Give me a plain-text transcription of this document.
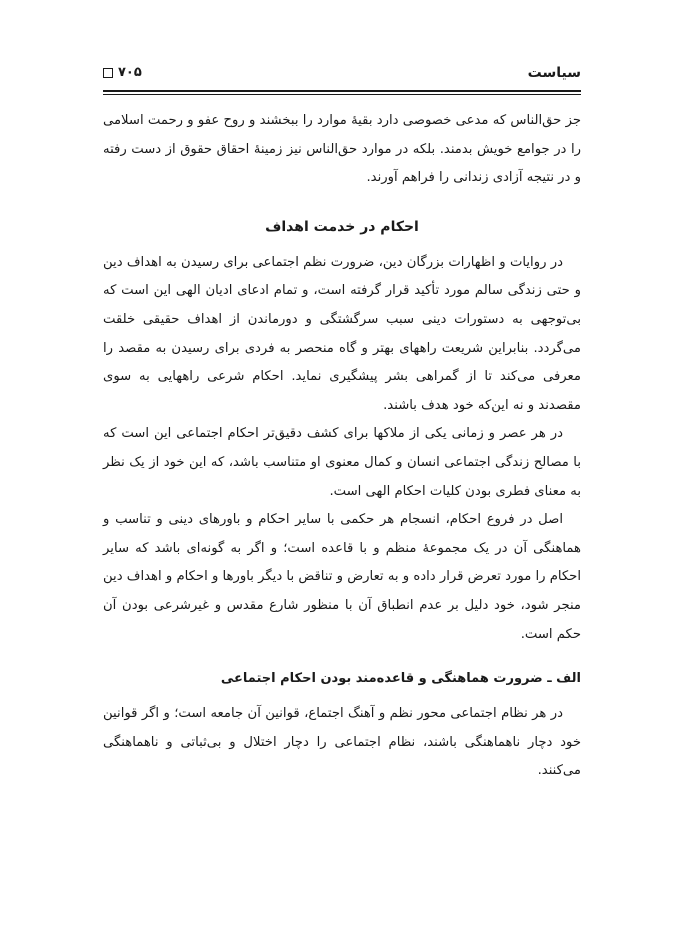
سیاست
۷۰۵

جز حق‌الناس که مدعی خصوصی دارد بقیهٔ موارد را ببخشند و روح عفو و رحمت اسلامی را در جوامع خویش بدمند. بلکه در موارد حق‌الناس نیز زمینهٔ احقاق حقوق از دست رفته و در نتیجه آزادی زندانی را فراهم آورند.

احکام در خدمت اهداف

در روایات و اظهارات بزرگان دین، ضرورت نظم اجتماعی برای رسیدن به اهداف دین و حتی زندگی سالم مورد تأکید قرار گرفته است، و تمام ادعای ادیان الهی این است که بی‌توجهی به دستورات دینی سبب سرگشتگی و دورماندن از اهداف حقیقی خلقت می‌گردد. بنابراین شریعت راههای بهتر و گاه منحصر به فردی برای رسیدن به مقصد را معرفی می‌کند تا از گمراهی بشر پیشگیری نماید. احکام شرعی راههایی به سوی مقصدند و نه این‌که خود هدف باشند.

در هر عصر و زمانی یکی از ملاکها برای کشف دقیق‌تر احکام اجتماعی این است که با مصالح زندگی اجتماعی انسان و کمال معنوی او متناسب باشد، که این خود از یک نظر به معنای فطری بودن کلیات احکام الهی است.

اصل در فروع احکام، انسجام هر حکمی با سایر احکام و باورهای دینی و تناسب و هماهنگی آن در یک مجموعهٔ منظم و با قاعده است؛ و اگر به گونه‌ای باشد که سایر احکام را مورد تعرض قرار داده و به تعارض و تناقض با دیگر باورها و احکام و اهداف دین منجر شود، خود دلیل بر عدم انطباق آن با منظور شارع مقدس و غیرشرعی بودن آن حکم است.

الف ـ ضرورت هماهنگی و قاعده‌مند بودن احکام اجتماعی

در هر نظام اجتماعی محور نظم و آهنگ اجتماع، قوانین آن جامعه است؛ و اگر قوانین خود دچار ناهماهنگی باشند، نظام اجتماعی را دچار اختلال و بی‌ثباتی و ناهماهنگی می‌کنند.
